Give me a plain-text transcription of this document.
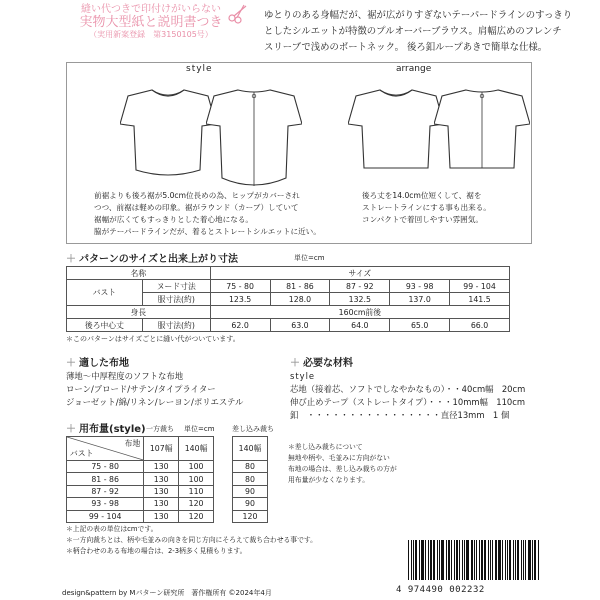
縫い代つきで印付けがいらない
実物大型紙と説明書つき
（実用新案登録　第3150105号）
ゆとりのある身幅だが、裾が広がりすぎないテーパードラインのすっきり
としたシルエットが特徴のプルオーバーブラウス。肩幅広めのフレンチ
スリーブで浅めのボートネック。 後ろ釦ループあきで簡単な仕様。
style	arrange
前裾よりも後ろ裾が5.0cm位長めの為、ヒップがカバーされ
つつ、前裾は軽めの印象。裾がラウンド（カーブ）していて
裾幅が広くてもすっきりとした着心地になる。
脇がテーパードラインだが、着るとストレートシルエットに近い。
後ろ丈を14.0cm位短くして、裾を
ストレートラインにする事も出来る。
コンパクトで着回しやすい雰囲気。
＋ パターンのサイズと出来上がり寸法	単位=cm
名称		サイズ				
バスト	ヌード寸法	75 - 80	81 - 86	87 - 92	93 - 98	99 - 104
	服寸法(約)	123.5	128.0	132.5	137.0	141.5
身長		160cm前後				
後ろ中心丈	服寸法(約)	62.0	63.0	64.0	65.0	66.0
＊このパターンはサイズごとに縫い代がついています。
＋ 適した布地
薄地～中厚程度のソフトな布地
ローン/ブロード/サテン/タイプライター
ジョーゼット/綿/リネン/レーヨン/ポリエステル
＋ 必要な材料
style
芯地（接着芯、ソフトでしなやかなもの）・・40cm幅　20cm
伸び止めテープ（ストレートタイプ）・・・10mm幅　110cm
釦　・・・・・・・・・・・・・・・・直径13mm　1 個
＋ 用布量(style) 一方裁ち 単位=cm 差し込み裁ち
布地
バスト	107幅	140幅
75 - 80	130	100
81 - 86	130	100
87 - 92	130	110
93 - 98	130	120
99 - 104	130	120
140幅
80
80
90
90
120
＊差し込み裁ちについて
無地や柄や、毛並みに方向がない
布地の場合は、差し込み裁ちの方が
用布量が少なくなります。
＊上記の表の単位はcmです。
＊一方向裁ちとは、柄や毛並みの向きを同じ方向にそろえて裁ち合わせる事です。
＊柄合わせのある布地の場合は、2-3柄多く見積もります。
design&pattern by Mパターン研究所　著作権所有 ©2024年4月	4 974490 002232
